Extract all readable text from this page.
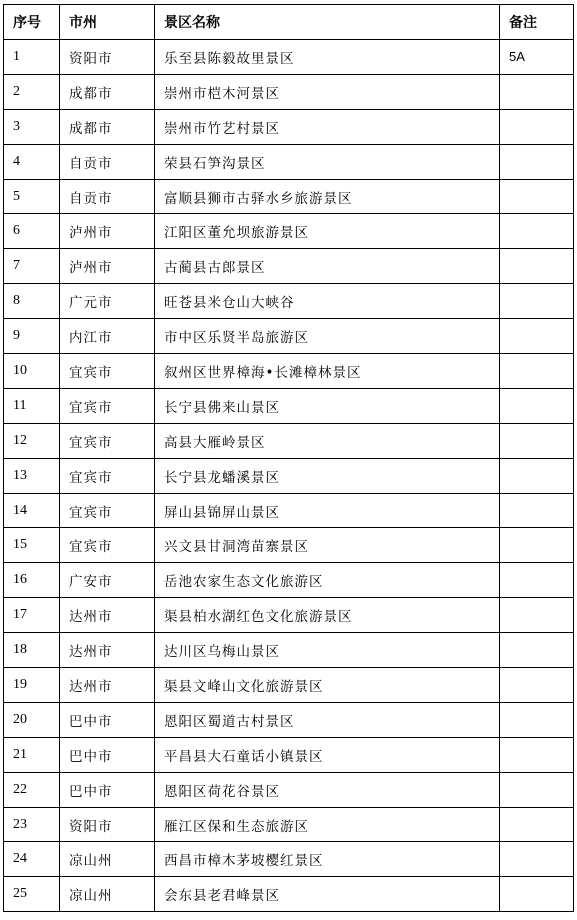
序号	市州	景区名称	备注
1	资阳市	乐至县陈毅故里景区	5A
2	成都市	崇州市桤木河景区	
3	成都市	崇州市竹艺村景区	
4	自贡市	荣县石笋沟景区	
5	自贡市	富顺县狮市古驿水乡旅游景区	
6	泸州市	江阳区董允坝旅游景区	
7	泸州市	古蔺县古郎景区	
8	广元市	旺苍县米仓山大峡谷	
9	内江市	市中区乐贤半岛旅游区	
10	宜宾市	叙州区世界樟海•长滩樟林景区	
11	宜宾市	长宁县佛来山景区	
12	宜宾市	高县大雁岭景区	
13	宜宾市	长宁县龙蟠溪景区	
14	宜宾市	屏山县锦屏山景区	
15	宜宾市	兴文县甘洞湾苗寨景区	
16	广安市	岳池农家生态文化旅游区	
17	达州市	渠县柏水湖红色文化旅游景区	
18	达州市	达川区乌梅山景区	
19	达州市	渠县文峰山文化旅游景区	
20	巴中市	恩阳区蜀道古村景区	
21	巴中市	平昌县大石童话小镇景区	
22	巴中市	恩阳区荷花谷景区	
23	资阳市	雁江区保和生态旅游区	
24	凉山州	西昌市樟木茅坡樱红景区	
25	凉山州	会东县老君峰景区	
